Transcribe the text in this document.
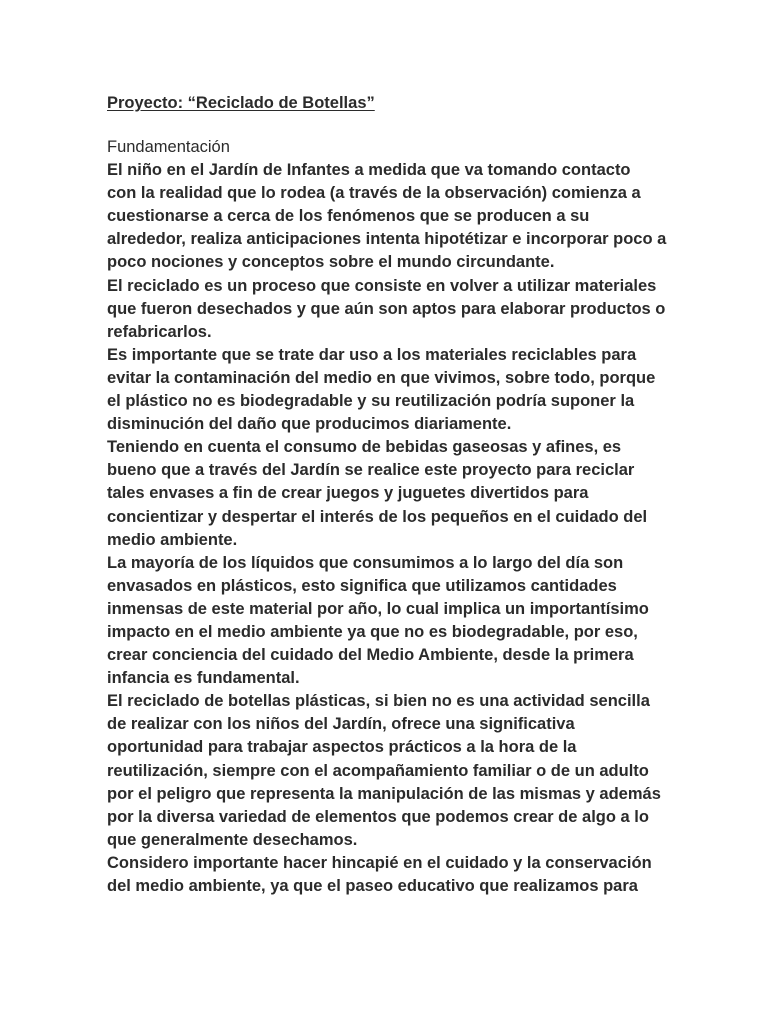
Proyecto: “Reciclado de Botellas”
Fundamentación
El niño en el Jardín de Infantes a medida que va tomando contacto
con la realidad que lo rodea (a través de la observación) comienza a
cuestionarse a cerca de los fenómenos que se producen a su
alrededor, realiza anticipaciones intenta hipotétizar e incorporar poco a
poco nociones y conceptos sobre el mundo circundante.
El reciclado es un proceso que consiste en volver a utilizar materiales
que fueron desechados y que aún son aptos para elaborar productos o
refabricarlos.
Es importante que se trate dar uso a los materiales reciclables para
evitar la contaminación del medio en que vivimos, sobre todo, porque
el plástico no es biodegradable y su reutilización podría suponer la
disminución del daño que producimos diariamente.
Teniendo en cuenta el consumo de bebidas gaseosas y afines, es
bueno que a través del Jardín se realice este proyecto para reciclar
tales envases a fin de crear juegos y juguetes divertidos para
concientizar y despertar el interés de los pequeños en el cuidado del
medio ambiente.
La mayoría de los líquidos que consumimos a lo largo del día son
envasados en plásticos, esto significa que utilizamos cantidades
inmensas de este material por año, lo cual implica un importantísimo
impacto en el medio ambiente ya que no es biodegradable, por eso,
crear conciencia del cuidado del Medio Ambiente, desde la primera
infancia es fundamental.
El reciclado de botellas plásticas, si bien no es una actividad sencilla
de realizar con los niños del Jardín, ofrece una significativa
oportunidad para trabajar aspectos prácticos a la hora de la
reutilización, siempre con el acompañamiento familiar o de un adulto
por el peligro que representa la manipulación de las mismas y además
por la diversa variedad de elementos que podemos crear de algo a lo
que generalmente desechamos.
Considero importante hacer hincapié en el cuidado y la conservación
del medio ambiente, ya que el paseo educativo que realizamos para
